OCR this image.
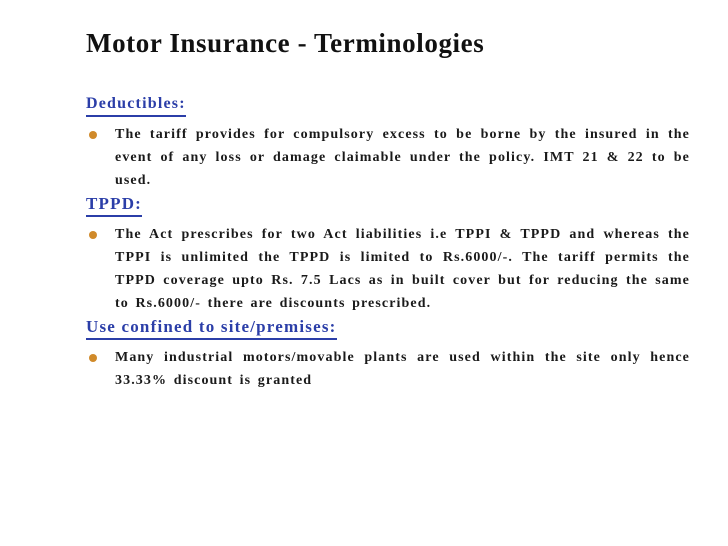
Motor Insurance - Terminologies
Deductibles:
The tariff provides for compulsory excess to be borne by the insured in the event of any loss or damage claimable under the policy. IMT 21 & 22 to be used.
TPPD:
The Act prescribes for two Act liabilities i.e TPPI & TPPD and whereas the TPPI is unlimited the TPPD is limited to Rs.6000/-. The tariff permits the TPPD coverage upto Rs. 7.5 Lacs as in built cover but for reducing the same to Rs.6000/- there are discounts prescribed.
Use confined to site/premises:
Many industrial motors/movable plants are used within the site only hence 33.33% discount is granted
